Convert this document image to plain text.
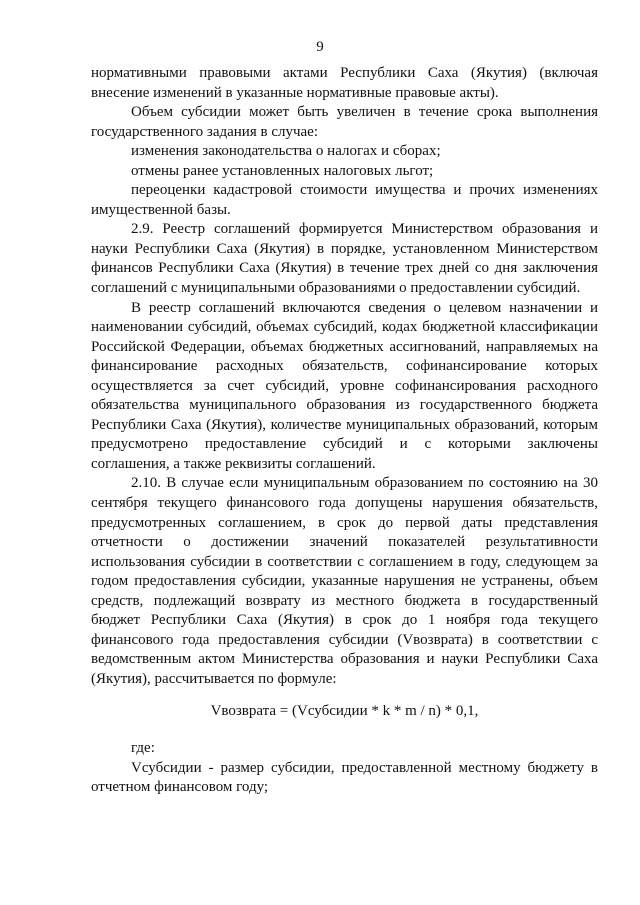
9

нормативными правовыми актами Республики Саха (Якутия) (включая внесение изменений в указанные нормативные правовые акты).

Объем субсидии может быть увеличен в течение срока выполнения государственного задания в случае:

изменения законодательства о налогах и сборах;

отмены ранее установленных налоговых льгот;

переоценки кадастровой стоимости имущества и прочих изменениях имущественной базы.

2.9. Реестр соглашений формируется Министерством образования и науки Республики Саха (Якутия) в порядке, установленном Министерством финансов Республики Саха (Якутия) в течение трех дней со дня заключения соглашений с муниципальными образованиями о предоставлении субсидий.

В реестр соглашений включаются сведения о целевом назначении и наименовании субсидий, объемах субсидий, кодах бюджетной классификации Российской Федерации, объемах бюджетных ассигнований, направляемых на финансирование расходных обязательств, софинансирование которых осуществляется за счет субсидий, уровне софинансирования расходного обязательства муниципального образования из государственного бюджета Республики Саха (Якутия), количестве муниципальных образований, которым предусмотрено предоставление субсидий и с которыми заключены соглашения, а также реквизиты соглашений.

2.10. В случае если муниципальным образованием по состоянию на 30 сентября текущего финансового года допущены нарушения обязательств, предусмотренных соглашением, в срок до первой даты представления отчетности о достижении значений показателей результативности использования субсидии в соответствии с соглашением в году, следующем за годом предоставления субсидии, указанные нарушения не устранены, объем средств, подлежащий возврату из местного бюджета в государственный бюджет Республики Саха (Якутия) в срок до 1 ноября года текущего финансового года предоставления субсидии (Vвозврата) в соответствии с ведомственным актом Министерства образования и науки Республики Саха (Якутия), рассчитывается по формуле:

Vвозврата = (Vсубсидии * k * m / n) * 0,1,

где:

Vсубсидии - размер субсидии, предоставленной местному бюджету в отчетном финансовом году;
